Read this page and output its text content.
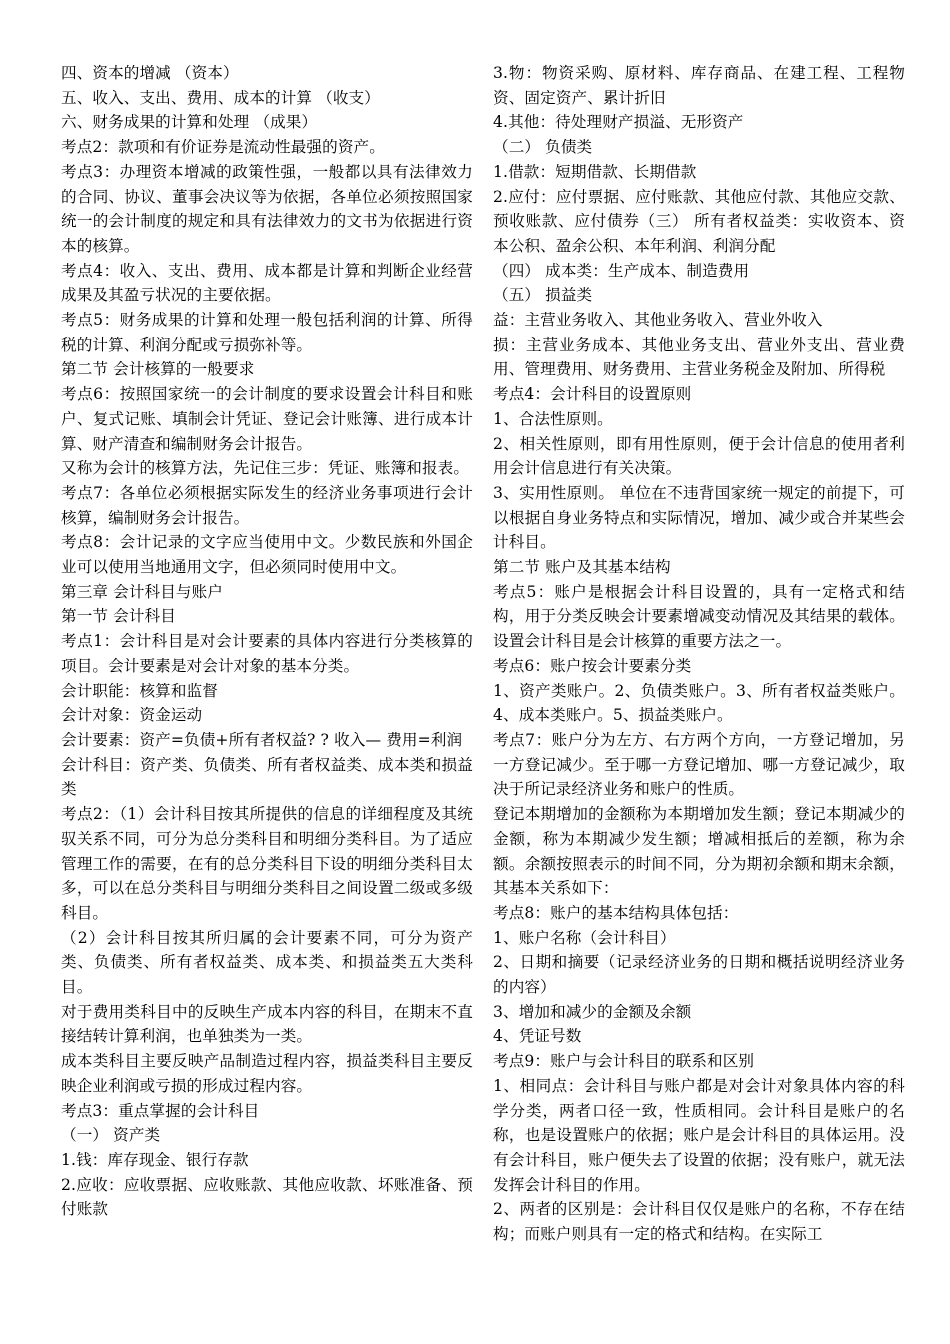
四、资本的增减 （资本）

五、收入、支出、费用、成本的计算 （收支）

六、财务成果的计算和处理 （成果）

考点2：款项和有价证券是流动性最强的资产。

考点3：办理资本增减的政策性强，一般都以具有法律效力的合同、协议、董事会决议等为依据，各单位必须按照国家统一的会计制度的规定和具有法律效力的文书为依据进行资本的核算。

考点4：收入、支出、费用、成本都是计算和判断企业经营成果及其盈亏状况的主要依据。

考点5：财务成果的计算和处理一般包括利润的计算、所得税的计算、利润分配或亏损弥补等。

第二节 会计核算的一般要求

考点6：按照国家统一的会计制度的要求设置会计科目和账户、复式记账、填制会计凭证、登记会计账簿、进行成本计算、财产清查和编制财务会计报告。

又称为会计的核算方法，先记住三步：凭证、账簿和报表。

考点7：各单位必须根据实际发生的经济业务事项进行会计核算，编制财务会计报告。

考点8：会计记录的文字应当使用中文。少数民族和外国企业可以使用当地通用文字，但必须同时使用中文。

第三章 会计科目与账户

第一节 会计科目

考点1：会计科目是对会计要素的具体内容进行分类核算的项目。会计要素是对会计对象的基本分类。

会计职能：核算和监督

会计对象：资金运动

会计要素：资产=负债+所有者权益? ? 收入— 费用=利润

会计科目：资产类、负债类、所有者权益类、成本类和损益类

考点2：（1）会计科目按其所提供的信息的详细程度及其统驭关系不同，可分为总分类科目和明细分类科目。为了适应管理工作的需要，在有的总分类科目下设的明细分类科目太多，可以在总分类科目与明细分类科目之间设置二级或多级科目。

（2）会计科目按其所归属的会计要素不同，可分为资产类、负债类、所有者权益类、成本类、和损益类五大类科目。

对于费用类科目中的反映生产成本内容的科目，在期末不直接结转计算利润，也单独类为一类。

成本类科目主要反映产品制造过程内容，损益类科目主要反映企业利润或亏损的形成过程内容。

考点3：重点掌握的会计科目

（一） 资产类

1.钱：库存现金、银行存款

2.应收：应收票据、应收账款、其他应收款、坏账准备、预付账款

3.物：物资采购、原材料、库存商品、在建工程、工程物资、固定资产、累计折旧

4.其他：待处理财产损溢、无形资产

（二） 负债类

1.借款：短期借款、长期借款

2.应付：应付票据、应付账款、其他应付款、其他应交款、预收账款、应付债券（三） 所有者权益类：实收资本、资本公积、盈余公积、本年利润、利润分配

（四） 成本类：生产成本、制造费用

（五） 损益类

益：主营业务收入、其他业务收入、营业外收入

损：主营业务成本、其他业务支出、营业外支出、营业费用、管理费用、财务费用、主营业务税金及附加、所得税

考点4：会计科目的设置原则

1、合法性原则。

2、相关性原则，即有用性原则，便于会计信息的使用者利用会计信息进行有关决策。

3、实用性原则。 单位在不违背国家统一规定的前提下，可以根据自身业务特点和实际情况，增加、减少或合并某些会计科目。

第二节 账户及其基本结构

考点5：账户是根据会计科目设置的，具有一定格式和结构，用于分类反映会计要素增减变动情况及其结果的载体。 设置会计科目是会计核算的重要方法之一。

考点6：账户按会计要素分类

1、资产类账户。2、负债类账户。3、所有者权益类账户。4、成本类账户。5、损益类账户。

考点7：账户分为左方、右方两个方向，一方登记增加，另一方登记减少。至于哪一方登记增加、哪一方登记减少，取决于所记录经济业务和账户的性质。

登记本期增加的金额称为本期增加发生额；登记本期减少的金额，称为本期减少发生额；增减相抵后的差额，称为余额。余额按照表示的时间不同，分为期初余额和期末余额，其基本关系如下：

考点8：账户的基本结构具体包括：

1、账户名称（会计科目）

2、日期和摘要（记录经济业务的日期和概括说明经济业务的内容）

3、增加和减少的金额及余额

4、凭证号数

考点9：账户与会计科目的联系和区别

1、相同点：会计科目与账户都是对会计对象具体内容的科学分类，两者口径一致，性质相同。会计科目是账户的名称，也是设置账户的依据；账户是会计科目的具体运用。没有会计科目，账户便失去了设置的依据；没有账户，就无法发挥会计科目的作用。

2、两者的区别是：会计科目仅仅是账户的名称，不存在结构；而账户则具有一定的格式和结构。在实际工
